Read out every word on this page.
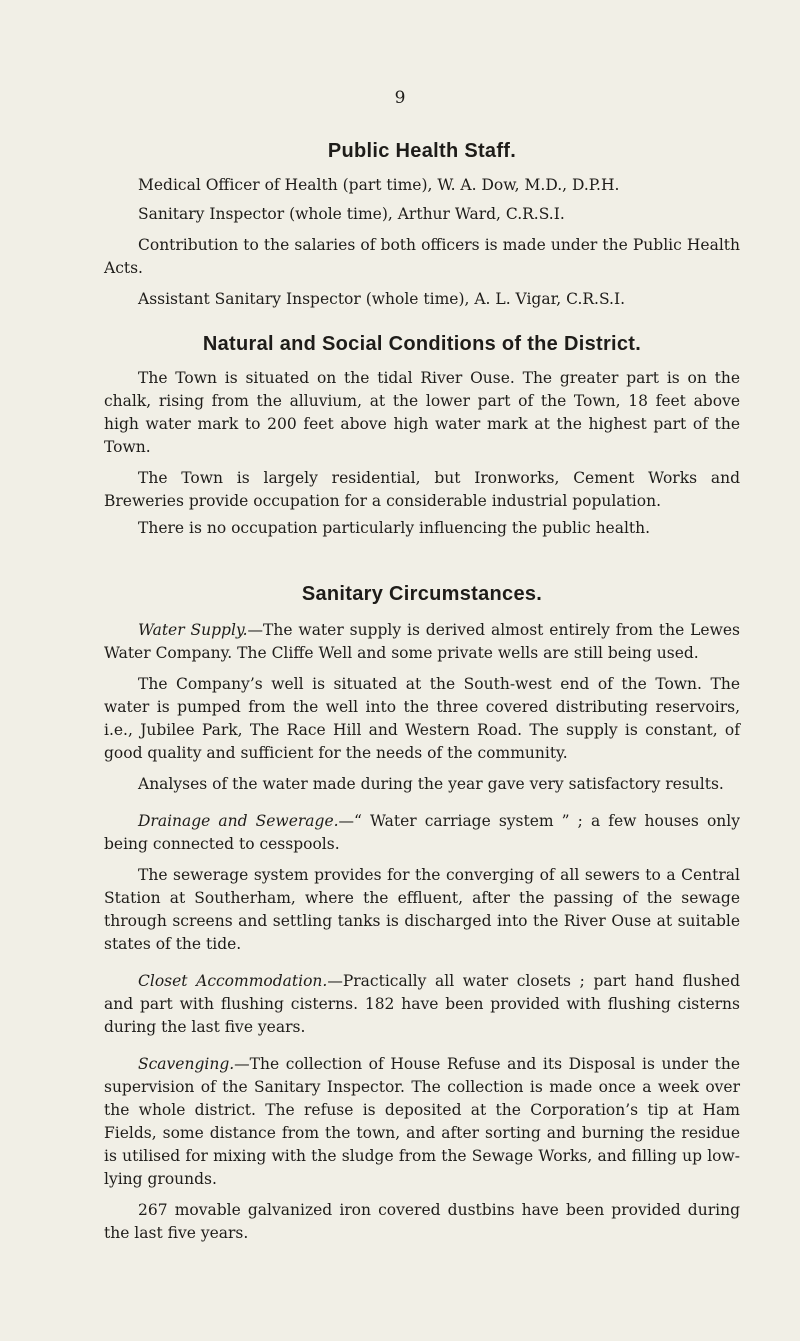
9
Public Health Staff.

Medical Officer of Health (part time), W. A. Dow, M.D., D.P.H.

Sanitary Inspector (whole time), Arthur Ward, C.R.S.I.

Contribution to the salaries of both officers is made under the Public Health Acts.

Assistant Sanitary Inspector (whole time), A. L. Vigar, C.R.S.I.

Natural and Social Conditions of the District.

The Town is situated on the tidal River Ouse. The greater part is on the chalk, rising from the alluvium, at the lower part of the Town, 18 feet above high water mark to 200 feet above high water mark at the highest part of the Town.

The Town is largely residential, but Ironworks, Cement Works and Breweries provide occupation for a considerable industrial population.

There is no occupation particularly influencing the public health.

Sanitary Circumstances.

Water Supply.—The water supply is derived almost entirely from the Lewes Water Company. The Cliffe Well and some private wells are still being used.

The Company’s well is situated at the South-west end of the Town. The water is pumped from the well into the three covered distributing reservoirs, i.e., Jubilee Park, The Race Hill and Western Road. The supply is constant, of good quality and sufficient for the needs of the community.

Analyses of the water made during the year gave very satisfactory results.

Drainage and Sewerage.—“ Water carriage system ” ; a few houses only being connected to cesspools.

The sewerage system provides for the converging of all sewers to a Central Station at Southerham, where the effluent, after the passing of the sewage through screens and settling tanks is discharged into the River Ouse at suitable states of the tide.

Closet Accommodation.—Practically all water closets ; part hand flushed and part with flushing cisterns. 182 have been provided with flushing cisterns during the last five years.

Scavenging.—The collection of House Refuse and its Disposal is under the supervision of the Sanitary Inspector. The collection is made once a week over the whole district. The refuse is deposited at the Corporation’s tip at Ham Fields, some distance from the town, and after sorting and burning the residue is utilised for mixing with the sludge from the Sewage Works, and filling up low-lying grounds.

267 movable galvanized iron covered dustbins have been provided during the last five years.
